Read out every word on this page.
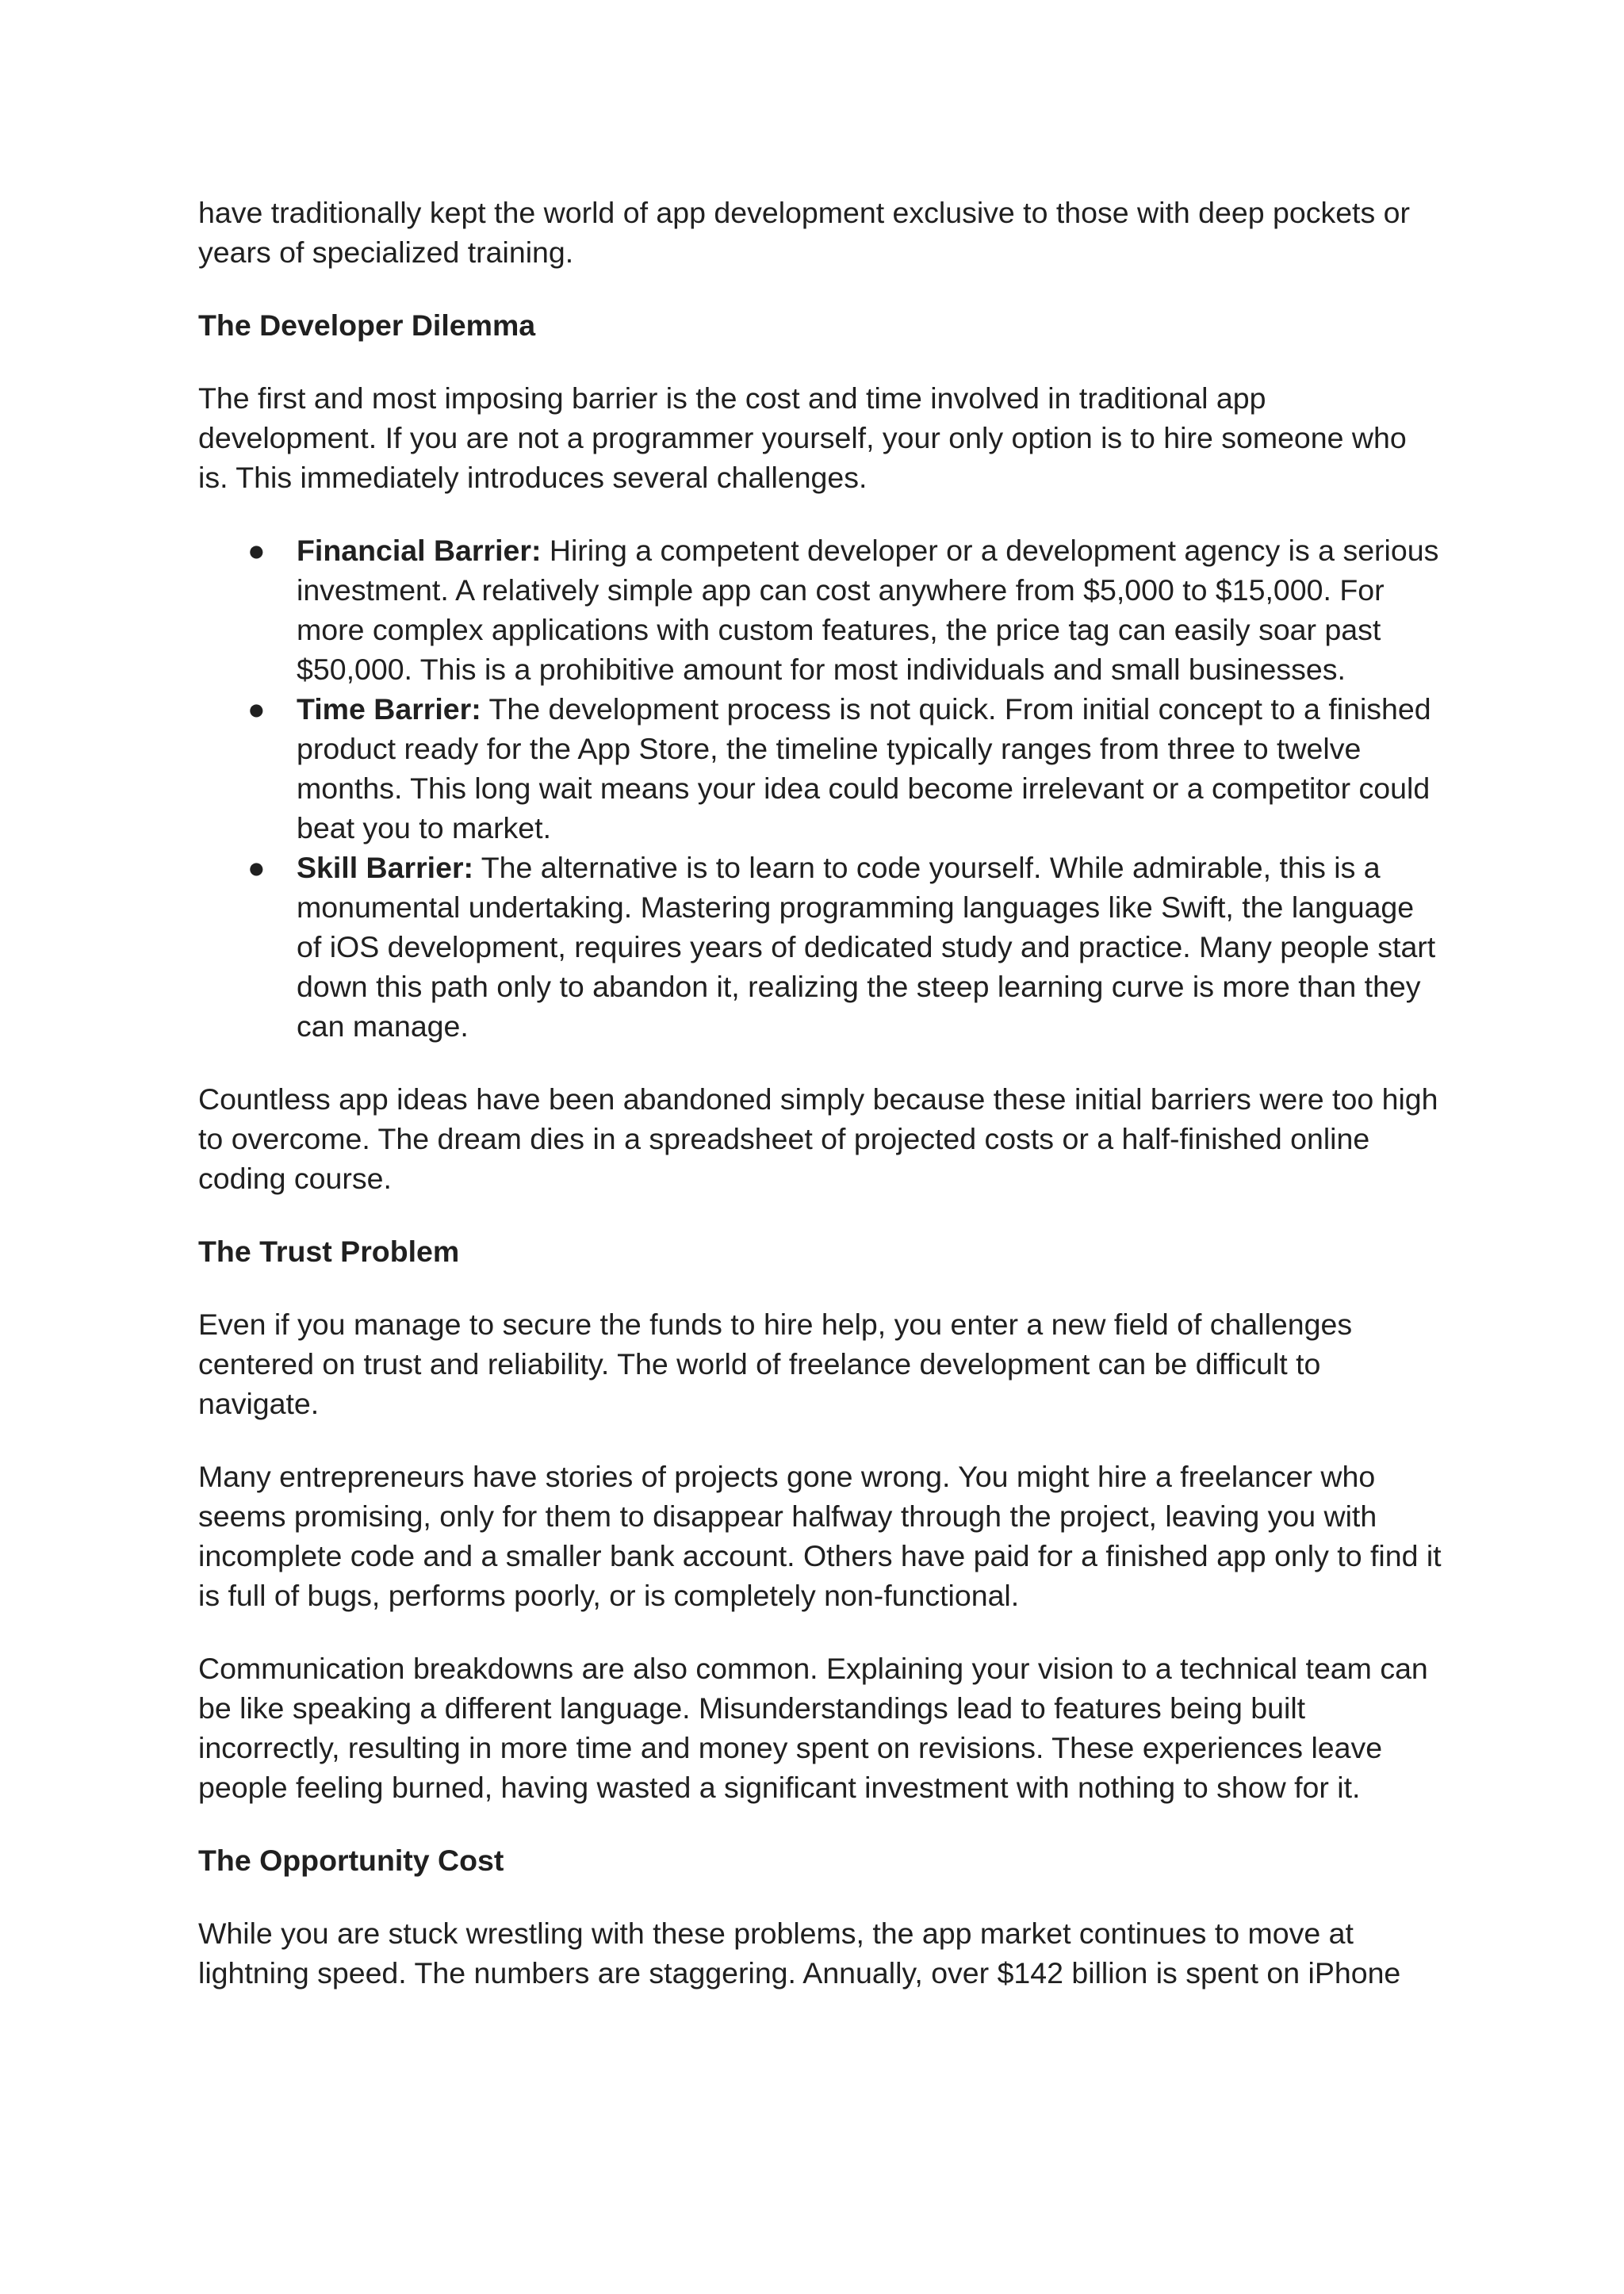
have traditionally kept the world of app development exclusive to those with deep pockets or years of specialized training.

The Developer Dilemma

The first and most imposing barrier is the cost and time involved in traditional app development. If you are not a programmer yourself, your only option is to hire someone who is. This immediately introduces several challenges.

● Financial Barrier: Hiring a competent developer or a development agency is a serious investment. A relatively simple app can cost anywhere from $5,000 to $15,000. For more complex applications with custom features, the price tag can easily soar past $50,000. This is a prohibitive amount for most individuals and small businesses.
● Time Barrier: The development process is not quick. From initial concept to a finished product ready for the App Store, the timeline typically ranges from three to twelve months. This long wait means your idea could become irrelevant or a competitor could beat you to market.
● Skill Barrier: The alternative is to learn to code yourself. While admirable, this is a monumental undertaking. Mastering programming languages like Swift, the language of iOS development, requires years of dedicated study and practice. Many people start down this path only to abandon it, realizing the steep learning curve is more than they can manage.

Countless app ideas have been abandoned simply because these initial barriers were too high to overcome. The dream dies in a spreadsheet of projected costs or a half-finished online coding course.

The Trust Problem

Even if you manage to secure the funds to hire help, you enter a new field of challenges centered on trust and reliability. The world of freelance development can be difficult to navigate.

Many entrepreneurs have stories of projects gone wrong. You might hire a freelancer who seems promising, only for them to disappear halfway through the project, leaving you with incomplete code and a smaller bank account. Others have paid for a finished app only to find it is full of bugs, performs poorly, or is completely non-functional.

Communication breakdowns are also common. Explaining your vision to a technical team can be like speaking a different language. Misunderstandings lead to features being built incorrectly, resulting in more time and money spent on revisions. These experiences leave people feeling burned, having wasted a significant investment with nothing to show for it.

The Opportunity Cost

While you are stuck wrestling with these problems, the app market continues to move at lightning speed. The numbers are staggering. Annually, over $142 billion is spent on iPhone
